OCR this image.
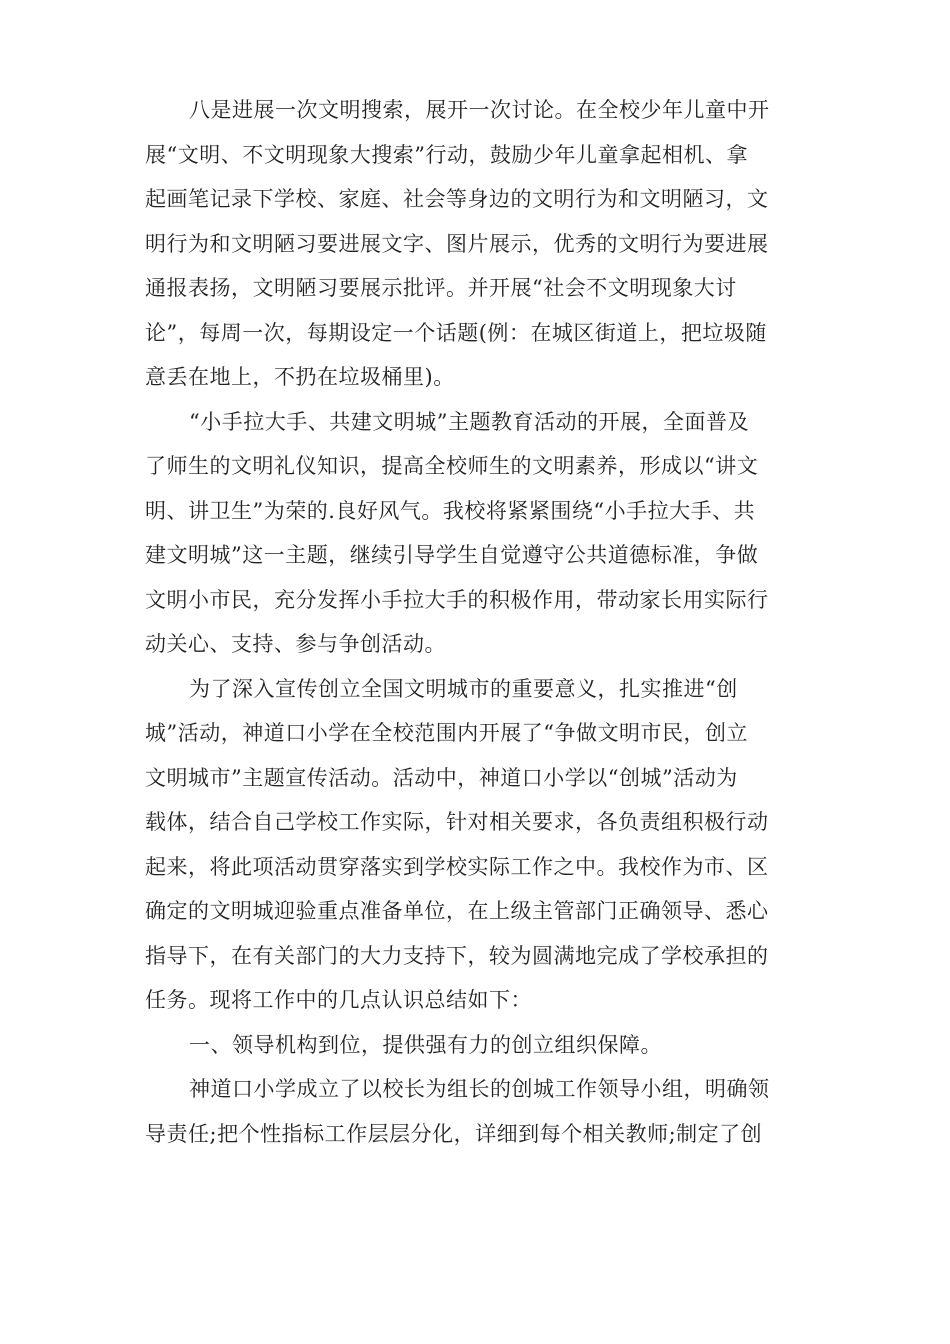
八是进展一次文明搜索，展开一次讨论。在全校少年儿童中开
展“文明、不文明现象大搜索”行动，鼓励少年儿童拿起相机、拿
起画笔记录下学校、家庭、社会等身边的文明行为和文明陋习，文
明行为和文明陋习要进展文字、图片展示，优秀的文明行为要进展
通报表扬，文明陋习要展示批评。并开展“社会不文明现象大讨
论”，每周一次，每期设定一个话题(例：在城区街道上，把垃圾随
意丢在地上，不扔在垃圾桶里)。
“小手拉大手、共建文明城”主题教育活动的开展，全面普及
了师生的文明礼仪知识，提高全校师生的文明素养，形成以“讲文
明、讲卫生”为荣的.良好风气。我校将紧紧围绕“小手拉大手、共
建文明城”这一主题，继续引导学生自觉遵守公共道德标准，争做
文明小市民，充分发挥小手拉大手的积极作用，带动家长用实际行
动关心、支持、参与争创活动。
为了深入宣传创立全国文明城市的重要意义，扎实推进“创
城”活动，神道口小学在全校范围内开展了“争做文明市民，创立
文明城市”主题宣传活动。活动中，神道口小学以“创城”活动为
载体，结合自己学校工作实际，针对相关要求，各负责组积极行动
起来，将此项活动贯穿落实到学校实际工作之中。我校作为市、区
确定的文明城迎验重点准备单位，在上级主管部门正确领导、悉心
指导下，在有关部门的大力支持下，较为圆满地完成了学校承担的
任务。现将工作中的几点认识总结如下：
一、领导机构到位，提供强有力的创立组织保障。
神道口小学成立了以校长为组长的创城工作领导小组，明确领
导责任;把个性指标工作层层分化，详细到每个相关教师;制定了创
